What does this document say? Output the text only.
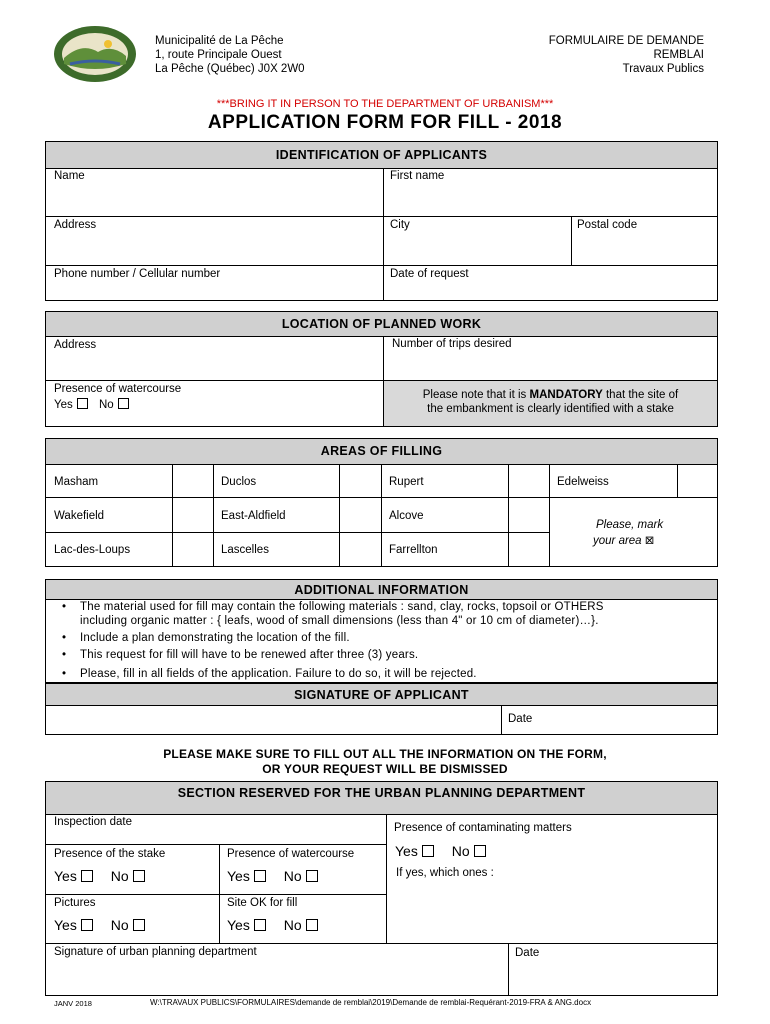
Municipalité de La Pêche
1, route Principale Ouest
La Pêche (Québec) J0X 2W0
FORMULAIRE DE DEMANDE
REMBLAI
Travaux Publics
***BRING IT IN PERSON TO THE DEPARTMENT OF URBANISM***
APPLICATION FORM FOR FILL - 2018
IDENTIFICATION OF APPLICANTS
Name	First name
Address	City	Postal code
Phone number / Cellular number	Date of request
LOCATION OF PLANNED WORK
Address	Number of trips desired
Presence of watercourse
Yes No
Please note that it is MANDATORY that the site of
the embankment is clearly identified with a stake
AREAS OF FILLING
Masham	Duclos	Rupert	Edelweiss
Wakefield	East-Aldfield	Alcove
Lac-des-Loups	Lascelles	Farrellton
Please, mark
your area ⊠
ADDITIONAL INFORMATION
• The material used for fill may contain the following materials : sand, clay, rocks, topsoil or OTHERS
including organic matter : { leafs, wood of small dimensions (less than 4" or 10 cm of diameter)…}.
• Include a plan demonstrating the location of the fill.
• This request for fill will have to be renewed after three (3) years.
• Please, fill in all fields of the application. Failure to do so, it will be rejected.
SIGNATURE OF APPLICANT
Date
PLEASE MAKE SURE TO FILL OUT ALL THE INFORMATION ON THE FORM,
OR YOUR REQUEST WILL BE DISMISSED
SECTION RESERVED FOR THE URBAN PLANNING DEPARTMENT
Inspection date	Presence of contaminating matters
Yes No
If yes, which ones :
Presence of the stake
Yes No
Presence of watercourse
Yes No
Pictures
Yes No
Site OK for fill
Yes No
Signature of urban planning department	Date
JANV 2018	W:\TRAVAUX PUBLICS\FORMULAIRES\demande de remblai\2019\Demande de remblai-Requérant-2019-FRA & ANG.docx
